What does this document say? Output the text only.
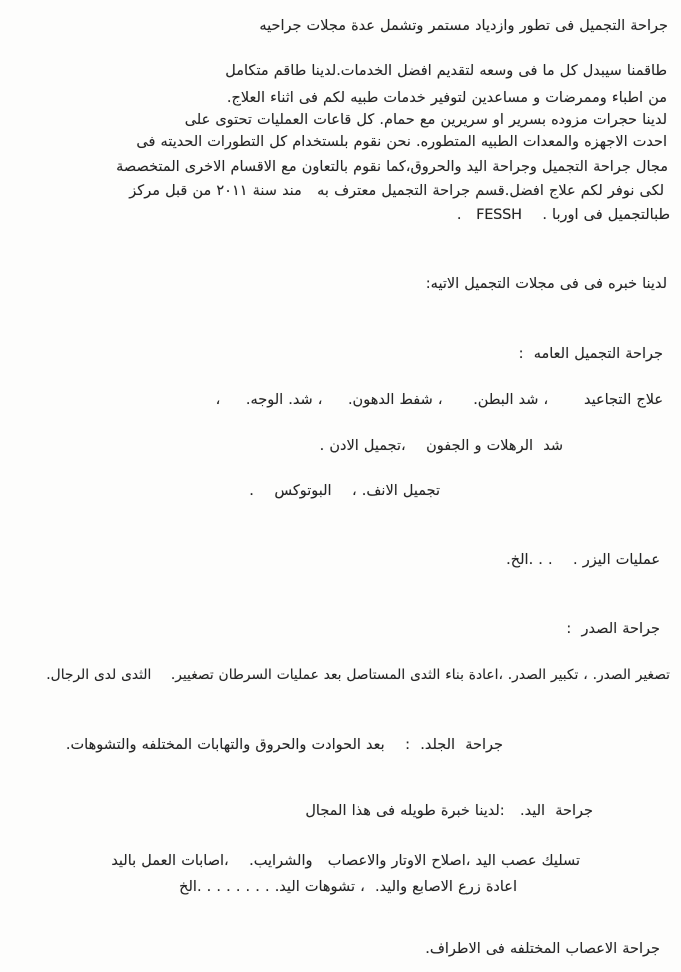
جراحة التجميل فى تطور وازدياد مستمر وتشمل عدة مجلات جراحيه
طاقمنا سيبدل كل ما فى وسعه لتقديم افضل الخدمات.لدينا طاقم متكامل
من اطباء وممرضات و مساعدين لتوفير خدمات طبيه لكم فى اثناء العلاج.
لدينا حجرات مزوده بسرير او سريرين مع حمام. كل قاعات العمليات تحتوى على
احدت الاجهزه والمعدات الطبيه المتطوره. نحن نقوم بلستخدام كل التطورات الحديته فى
مجال جراحة التجميل وجراحة اليد والحروق،كما نقوم بالتعاون مع الاقسام الاخرى المتخصصة
لكى نوفر لكم علاج افضل.قسم جراحة التجميل معترف به   مند سنة ٢٠١١ من قبل مركز
طبالتجميل فى اوربا .    FESSH   .
لدينا خبره فى فى مجلات التجميل الاتيه:
جراحة التجميل العامه  :
علاج التجاعيد       ، شد البطن.      ، شفط الدهون.     ، شد. الوجه.     ،
شد  الرهلات و الجفون    ،تجميل الادن .
تجميل الانف. ،    البوتوكس    .
عمليات اليزر .    . . .الخ.
جراحة الصدر  :
تصغير الصدر. ، تكبير الصدر. ،اعادة بناء الثدى المستاصل بعد عمليات السرطان تصغيير.    الثدى لدى الرجال.
جراحة  الجلد.  :    بعد الحوادت والحروق والتهابات المختلفه والتشوهات.
جراحة  اليد.   :لدينا خبرة طويله فى هذا المجال
تسليك عصب اليد ،اصلاح الاوتار والاعصاب   والشرايب.    ،اصابات العمل باليد
اعادة زرع الاصابع واليد.  ، تشوهات اليد. . . . . . . . .الخ
جراحة الاعصاب المختلفه فى الاطراف.
